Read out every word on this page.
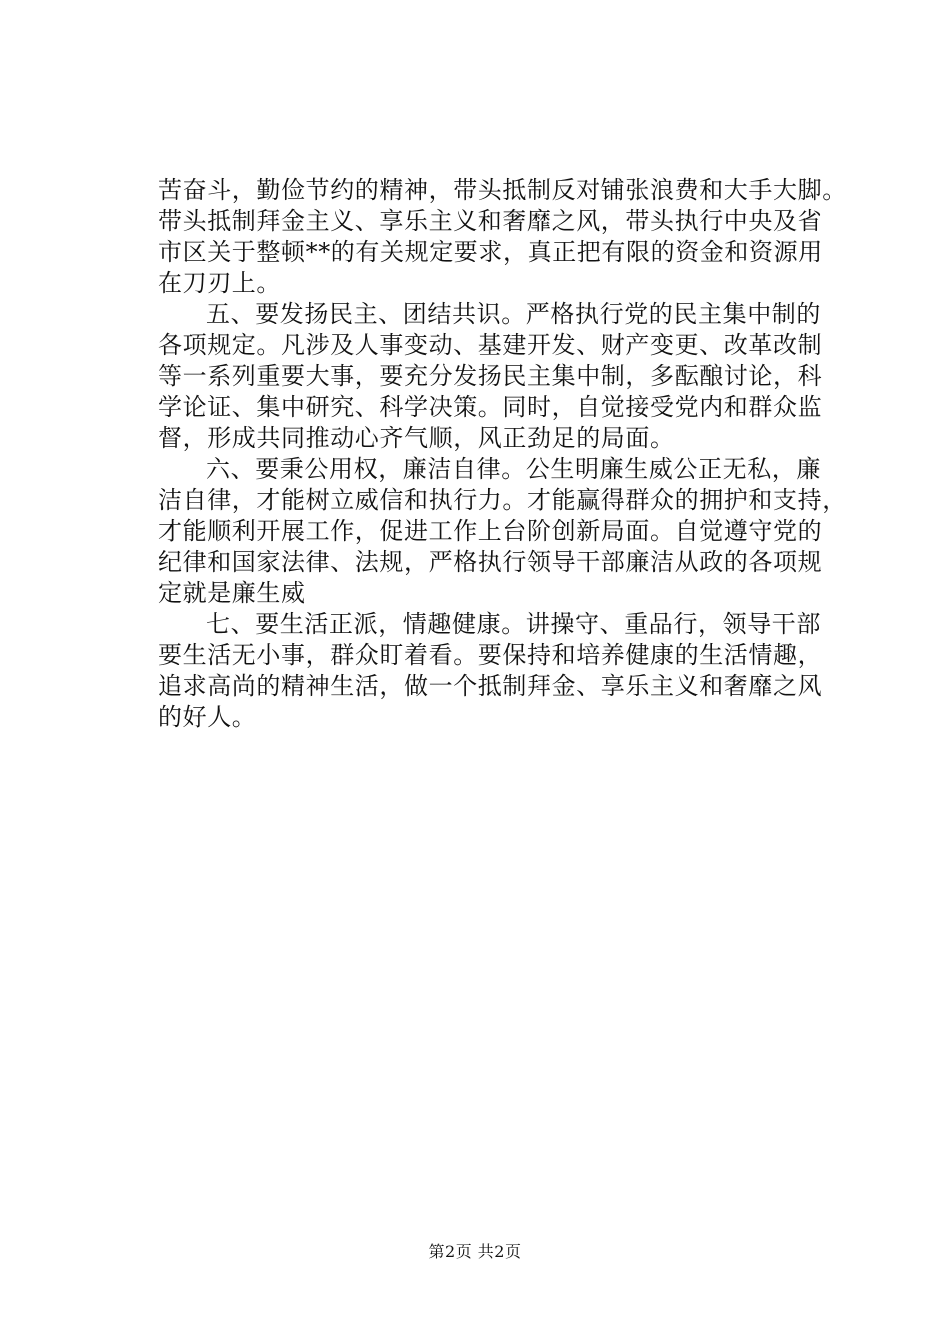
苦奋斗，勤俭节约的精神，带头抵制反对铺张浪费和大手大脚。
带头抵制拜金主义、享乐主义和奢靡之风，带头执行中央及省
市区关于整顿**的有关规定要求，真正把有限的资金和资源用
在刀刃上。
五、要发扬民主、团结共识。严格执行党的民主集中制的
各项规定。凡涉及人事变动、基建开发、财产变更、改革改制
等一系列重要大事，要充分发扬民主集中制，多酝酿讨论，科
学论证、集中研究、科学决策。同时，自觉接受党内和群众监
督，形成共同推动心齐气顺，风正劲足的局面。
六、要秉公用权，廉洁自律。公生明廉生威公正无私，廉
洁自律，才能树立威信和执行力。才能赢得群众的拥护和支持，
才能顺利开展工作，促进工作上台阶创新局面。自觉遵守党的
纪律和国家法律、法规，严格执行领导干部廉洁从政的各项规
定就是廉生威
七、要生活正派，情趣健康。讲操守、重品行，领导干部
要生活无小事，群众盯着看。要保持和培养健康的生活情趣，
追求高尚的精神生活，做一个抵制拜金、享乐主义和奢靡之风
的好人。
第2页 共2页
